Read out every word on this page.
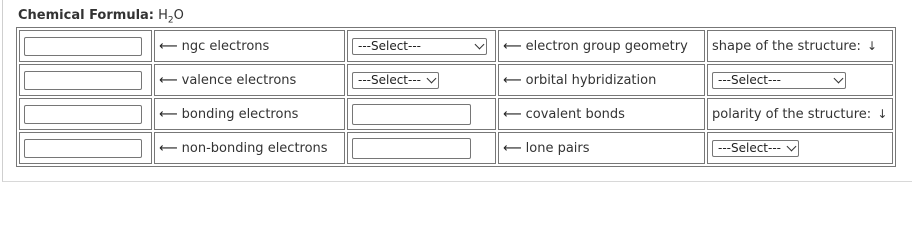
Chemical Formula: $H_2O$
	⟵ ngc electrons	---Select---	⟵ electron group geometry	shape of the structure: ↓

	⟵ valence electrons	---Select---	⟵ orbital hybridization	---Select---

	⟵ bonding electrons		⟵ covalent bonds	polarity of the structure: ↓

	⟵ non-bonding electrons		⟵ lone pairs	---Select---
